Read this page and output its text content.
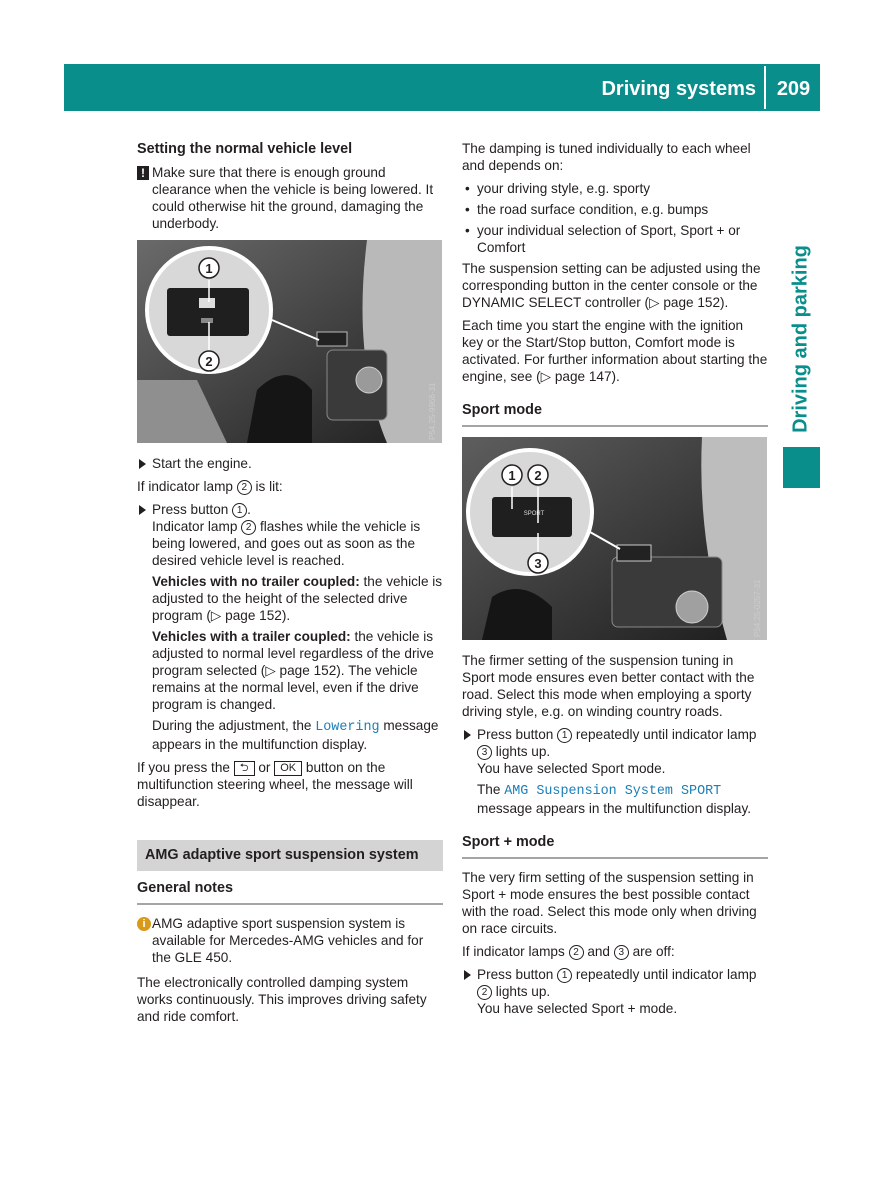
Driving systems	209
Driving and parking
Setting the normal vehicle level
! Make sure that there is enough ground clearance when the vehicle is being lowered. It could otherwise hit the ground, damaging the underbody.
1
2
P54.25-9966-31

Start the engine.

If indicator lamp 2 is lit:

Press button 1 .

Indicator lamp 2 flashes while the vehicle is being lowered, and goes out as soon as the desired vehicle level is reached.

Vehicles with no trailer coupled: the vehicle is adjusted to the height of the selected drive program (▷ page 152).

Vehicles with a trailer coupled: the vehicle is adjusted to normal level regardless of the drive program selected (▷ page 152). The vehicle remains at the normal level, even if the drive program is changed.

During the adjustment, the Lowering message appears in the multifunction display.

If you press the ⮌ or OK button on the multifunction steering wheel, the message will disappear.

AMG adaptive sport suspension system
General notes
i AMG adaptive sport suspension system is available for Mercedes-AMG vehicles and for the GLE 450.

The electronically controlled damping system works continuously. This improves driving safety and ride comfort.

The damping is tuned individually to each wheel and depends on:

• your driving style, e.g. sporty
• the road surface condition, e.g. bumps
• your individual selection of Sport, Sport + or Comfort

The suspension setting can be adjusted using the corresponding button in the center console or the DYNAMIC SELECT controller (▷ page 152).

Each time you start the engine with the ignition key or the Start/Stop button, Comfort mode is activated. For further information about starting the engine, see (▷ page 147).

Sport mode
SPORT
1 2
3
P54.25-0257-31

The firmer setting of the suspension tuning in Sport mode ensures even better contact with the road. Select this mode when employing a sporty driving style, e.g. on winding country roads.

Press button 1 repeatedly until indicator lamp 3 lights up.

You have selected Sport mode.

The AMG Suspension System SPORT message appears in the multifunction display.

Sport + mode

The very firm setting of the suspension setting in Sport + mode ensures the best possible contact with the road. Select this mode only when driving on race circuits.

If indicator lamps 2 and 3 are off:

Press button 1 repeatedly until indicator lamp 2 lights up.

You have selected Sport + mode.
